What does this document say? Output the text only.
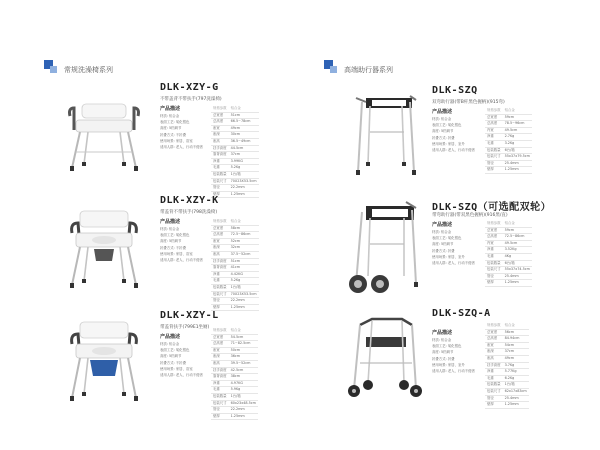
常规洗澡椅系列	高端助行器系列
DLK-XZY-G
不带盖背不带扶手(797洗澡椅)
产品描述
材质: 铝合金
表面工艺: 氧化银色
高度: 5档调节
折叠方式: 不折叠
使用场景: 家居、浴室
适用人群: 老人、行动不便者
规格参数	铝合金
总宽度	51cm
总高度	66.5~78cm
座宽	49cm
座深	30cm
座高	36.5~49cm
扶手高度	44.5cm
靠背高度	37cm
净重	3.99KG
毛重	5.2Kg
包装数量	1台/箱
包装尺寸	70X23X53.5cm
管径	22.2mm
壁厚	1.25mm
DLK-XZY-K
带盖背不带扶手(798洗澡椅)
产品描述
材质: 铝合金
表面工艺: 氧化银色
高度: 5档调节
折叠方式: 不折叠
使用场景: 家居、浴室
适用人群: 老人、行动不便者
规格参数	铝合金
总宽度	58cm
总高度	72.5~86cm
座宽	52cm
座深	32cm
座高	37.5~52cm
扶手高度	51cm
靠背高度	41cm
净重	4.42KG
毛重	5.2Kg
包装数量	1台/箱
包装尺寸	70X23X53.5cm
管径	22.2mm
壁厚	1.25mm
DLK-XZY-L
带盖背扶手(799E1坐厕)
产品描述
材质: 铝合金
表面工艺: 氧化银色
高度: 5档调节
折叠方式: 不折叠
使用场景: 家居、浴室
适用人群: 老人、行动不便者
规格参数	铝合金
总宽度	54.5cm
总高度	71~82.5cm
座宽	50cm
座深	36cm
座高	39.5~52cm
扶手高度	42.5cm
靠背高度	38cm
净重	4.97KG
毛重	5.9Kg
包装数量	1台/箱
包装尺寸	60x23x48.5cm
管径	22.2mm
壁厚	1.25mm
DLK-SZQ
双弯助行器(带B杆黑色握柄)(915弯)
产品描述
材质: 铝合金
表面工艺: 氧化银色
高度: 5档调节
折叠方式: 折叠
使用场景: 家居、室外
适用人群: 老人、行动不便者
规格参数	铝合金
总宽度	59cm
总高度	78.5~96cm
内宽	49.5cm
净重	2.7Kg
毛重	3.2Kg
包装数量	6台/箱
包装尺寸	55x37x79.5cm
管径	25.4mm
壁厚	1.25mm
DLK-SZQ（可选配双轮）
带弯助行器(带双黑色握柄)(916黑/直)
产品描述
材质: 铝合金
表面工艺: 氧化银色
高度: 5档调节
折叠方式: 折叠
使用场景: 家居、室外
适用人群: 老人、行动不便者
规格参数	铝合金
总宽度	59cm
总高度	72.5~86cm
内宽	49.5cm
净重	3.52Kg
毛重	4Kg
包装数量	6台/箱
包装尺寸	55x37x74.5cm
管径	25.4mm
壁厚	1.25mm
DLK-SZQ-A
产品描述
材质: 铝合金
表面工艺: 氧化银色
高度: 5档调节
折叠方式: 折叠
使用场景: 家居、室外
适用人群: 老人、行动不便者
规格参数	铝合金
总宽度	56cm
总高度	84.94cm
座宽	54cm
座深	37cm
座高	49cm
扶手高度	3.7Kg
净重	5.77Kg
毛重	6.2Kg
包装数量	1台/箱
包装尺寸	62x17x83cm
管径	25.4mm
壁厚	1.25mm
